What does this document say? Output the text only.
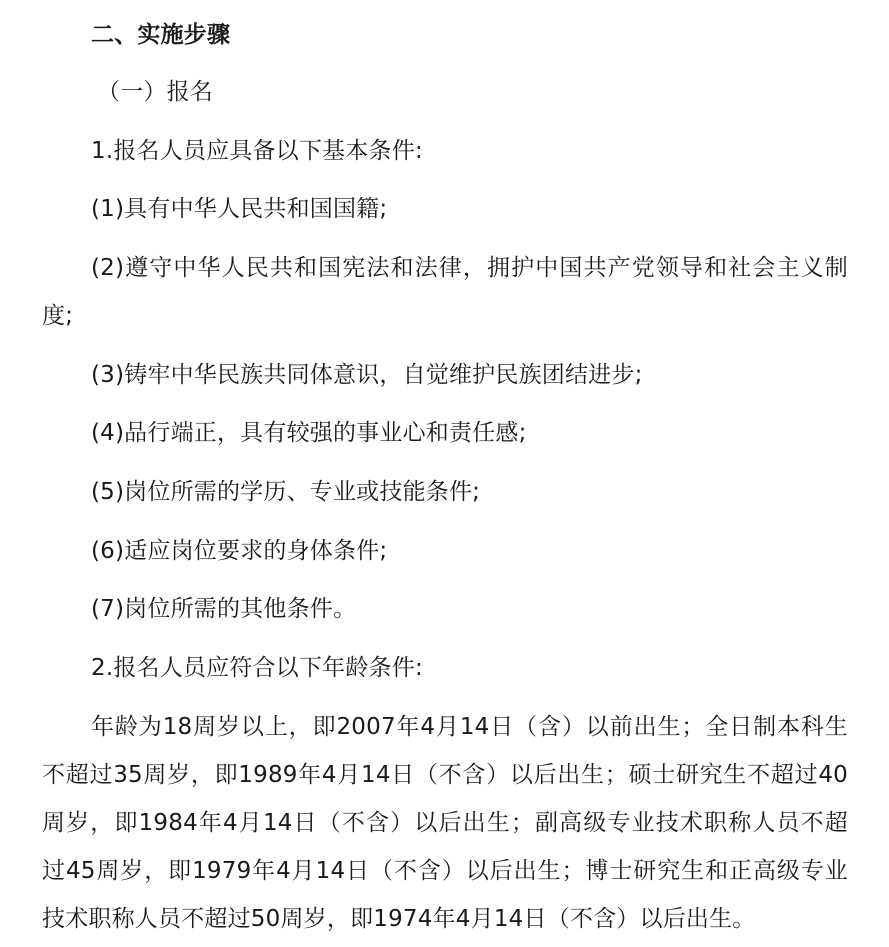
二、实施步骤
（一）报名
1.报名人员应具备以下基本条件:
(1)具有中华人民共和国国籍;
(2)遵守中华人民共和国宪法和法律，拥护中国共产党领导和社会主义制
度;
(3)铸牢中华民族共同体意识，自觉维护民族团结进步;
(4)品行端正，具有较强的事业心和责任感;
(5)岗位所需的学历、专业或技能条件;
(6)适应岗位要求的身体条件;
(7)岗位所需的其他条件。
2.报名人员应符合以下年龄条件:
年龄为18周岁以上，即2007年4月14日（含）以前出生；全日制本科生
不超过35周岁，即1989年4月14日（不含）以后出生；硕士研究生不超过40
周岁，即1984年4月14日（不含）以后出生；副高级专业技术职称人员不超
过45周岁，即1979年4月14日（不含）以后出生；博士研究生和正高级专业
技术职称人员不超过50周岁，即1974年4月14日（不含）以后出生。
